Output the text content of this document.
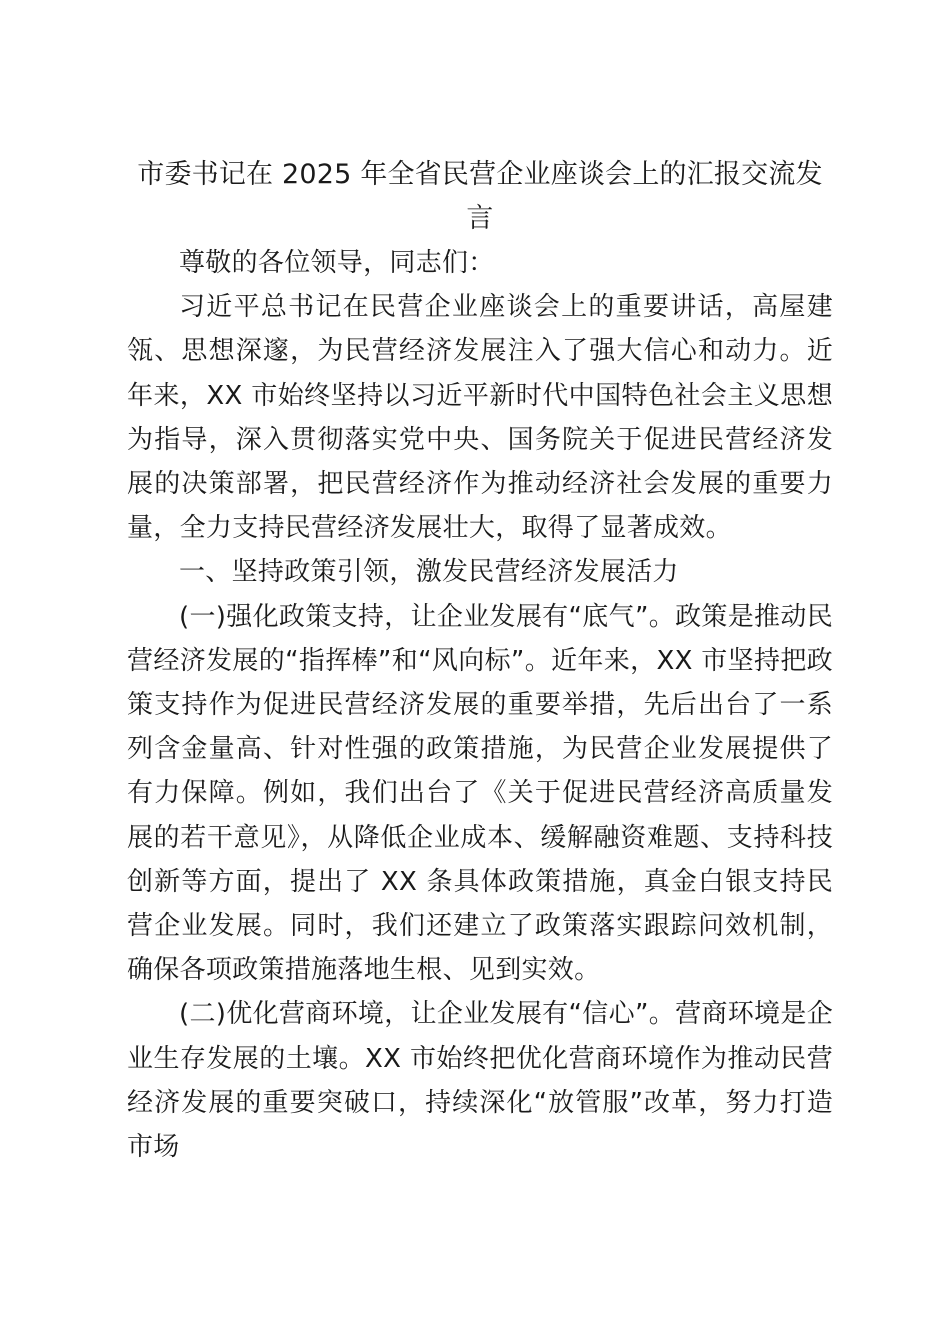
市委书记在 2025 年全省民营企业座谈会上的汇报交流发言

尊敬的各位领导，同志们：

习近平总书记在民营企业座谈会上的重要讲话，高屋建瓴、思想深邃，为民营经济发展注入了强大信心和动力。近年来，XX 市始终坚持以习近平新时代中国特色社会主义思想为指导，深入贯彻落实党中央、国务院关于促进民营经济发展的决策部署，把民营经济作为推动经济社会发展的重要力量，全力支持民营经济发展壮大，取得了显著成效。

一、坚持政策引领，激发民营经济发展活力

(一)强化政策支持，让企业发展有“底气”。政策是推动民营经济发展的“指挥棒”和“风向标”。近年来，XX 市坚持把政策支持作为促进民营经济发展的重要举措，先后出台了一系列含金量高、针对性强的政策措施，为民营企业发展提供了有力保障。例如，我们出台了《关于促进民营经济高质量发展的若干意见》，从降低企业成本、缓解融资难题、支持科技创新等方面，提出了 XX 条具体政策措施，真金白银支持民营企业发展。同时，我们还建立了政策落实跟踪问效机制，确保各项政策措施落地生根、见到实效。

(二)优化营商环境，让企业发展有“信心”。营商环境是企业生存发展的土壤。XX 市始终把优化营商环境作为推动民营经济发展的重要突破口，持续深化“放管服”改革，努力打造市场
